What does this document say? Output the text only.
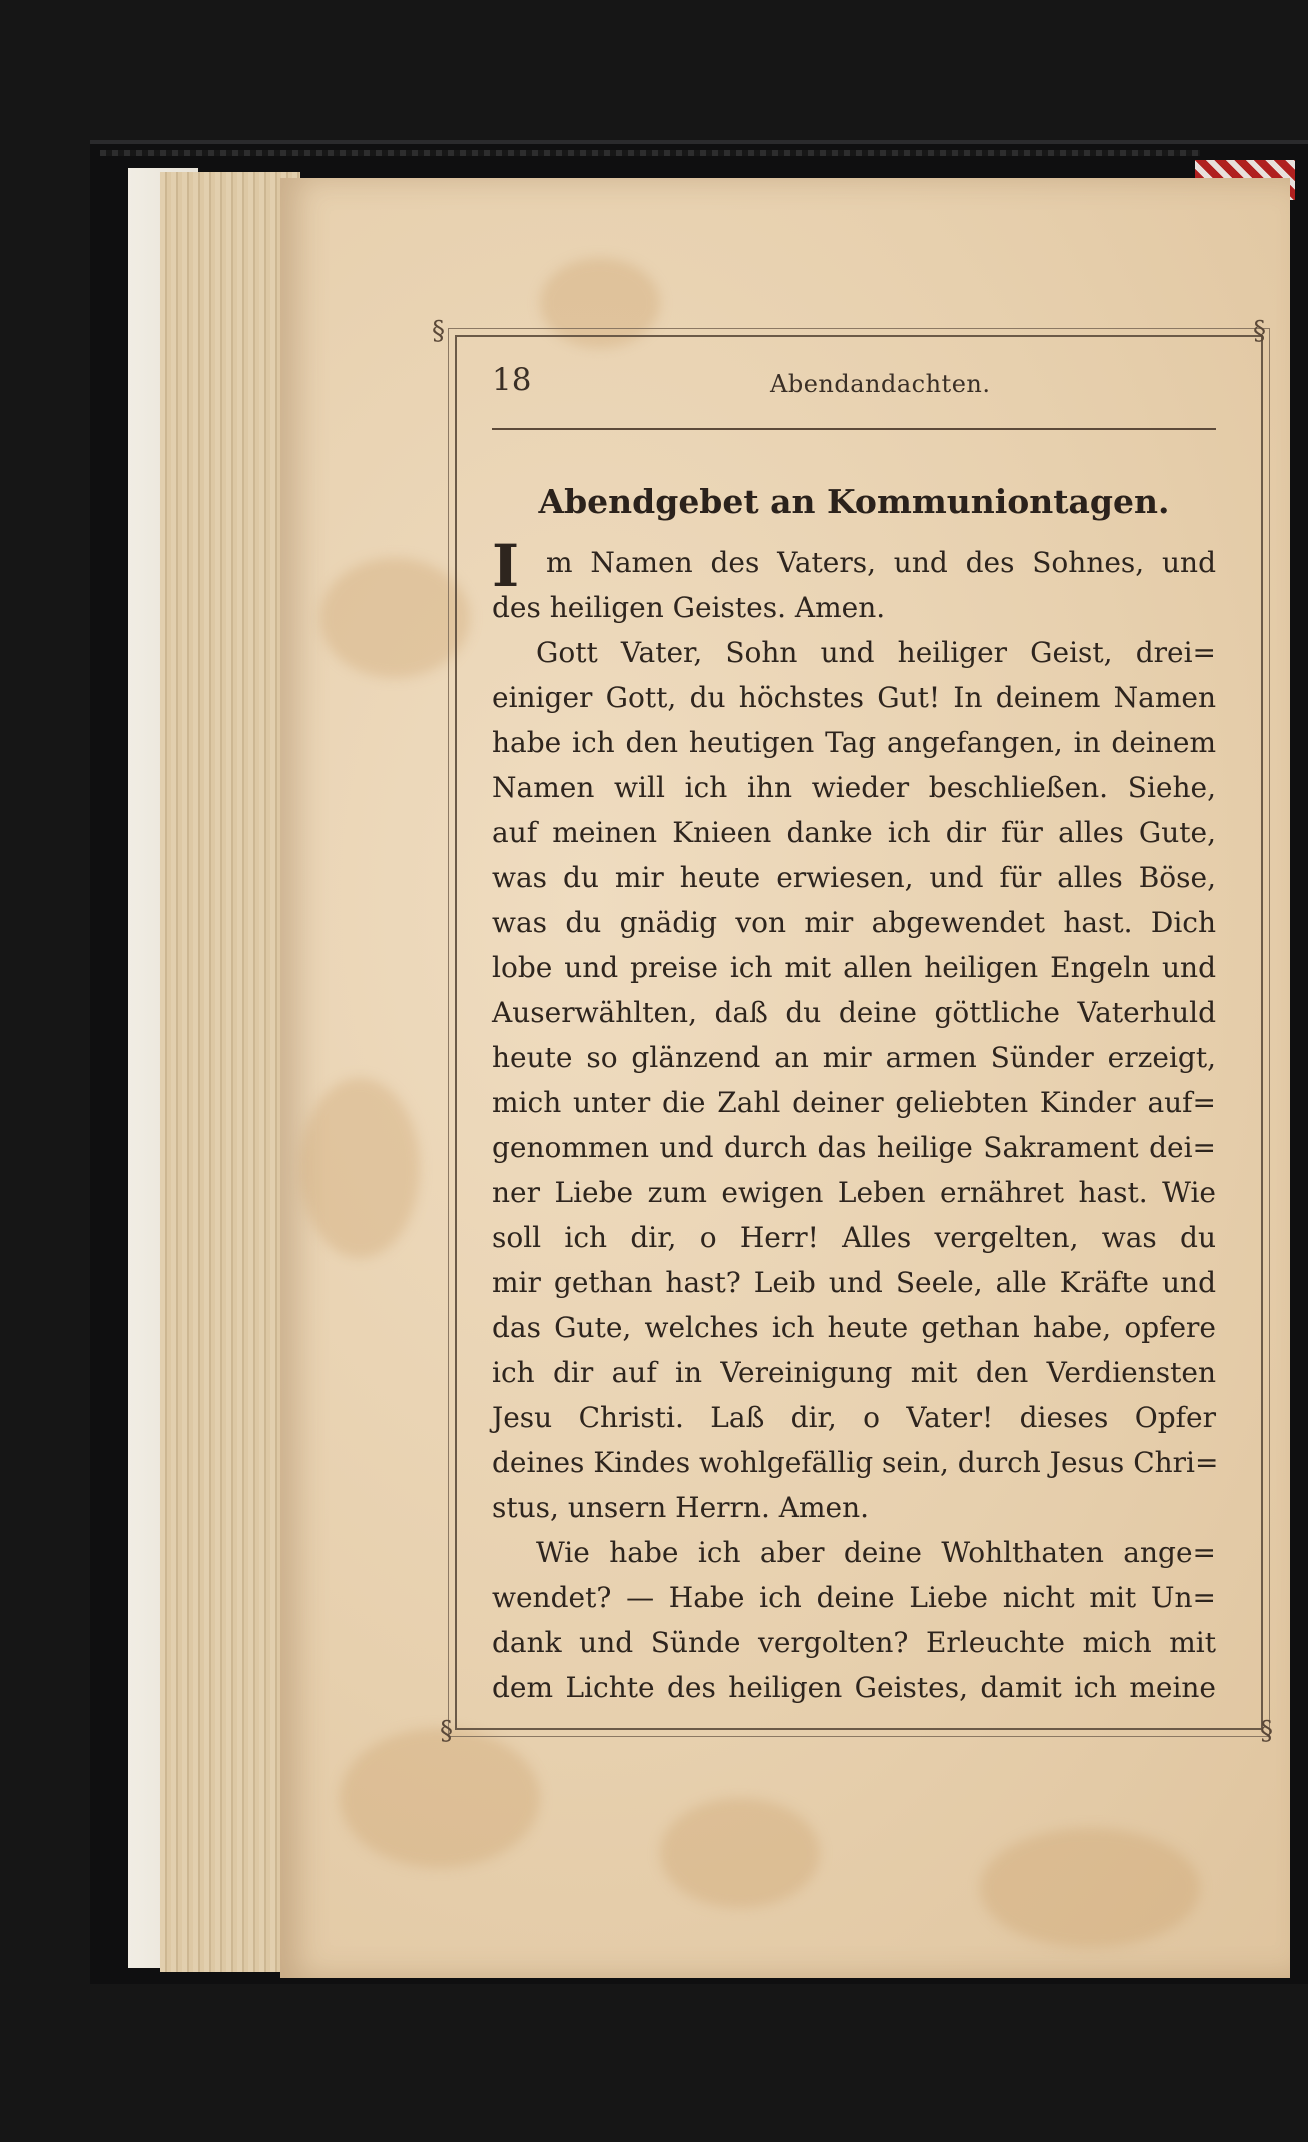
§	§
§	§
18	Abendandachten.
Abendgebet an Kommuniontagen.
Im Namen des Vaters, und des Sohnes, und
des heiligen Geistes. Amen.
Gott Vater, Sohn und heiliger Geist, drei=
einiger Gott, du höchstes Gut! In deinem Namen
habe ich den heutigen Tag angefangen, in deinem
Namen will ich ihn wieder beschließen. Siehe,
auf meinen Knieen danke ich dir für alles Gute,
was du mir heute erwiesen, und für alles Böse,
was du gnädig von mir abgewendet hast. Dich
lobe und preise ich mit allen heiligen Engeln und
Auserwählten, daß du deine göttliche Vaterhuld
heute so glänzend an mir armen Sünder erzeigt,
mich unter die Zahl deiner geliebten Kinder auf=
genommen und durch das heilige Sakrament dei=
ner Liebe zum ewigen Leben ernähret hast. Wie
soll ich dir, o Herr! Alles vergelten, was du
mir gethan hast? Leib und Seele, alle Kräfte und
das Gute, welches ich heute gethan habe, opfere
ich dir auf in Vereinigung mit den Verdiensten
Jesu Christi. Laß dir, o Vater! dieses Opfer
deines Kindes wohlgefällig sein, durch Jesus Chri=
stus, unsern Herrn. Amen.
Wie habe ich aber deine Wohlthaten ange=
wendet? — Habe ich deine Liebe nicht mit Un=
dank und Sünde vergolten? Erleuchte mich mit
dem Lichte des heiligen Geistes, damit ich meine
